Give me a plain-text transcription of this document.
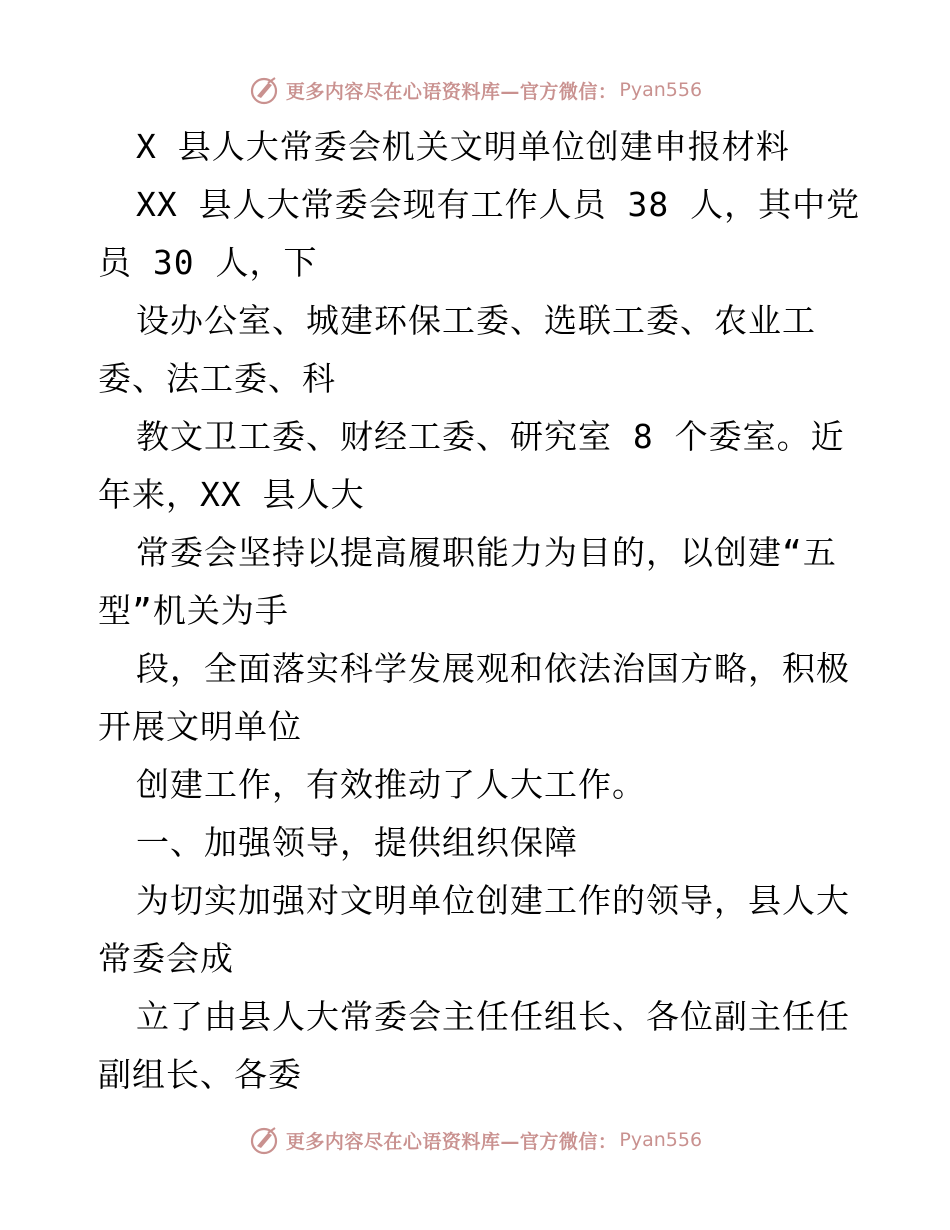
更多内容尽在心语资料库—官方微信： Pyan556
X 县人大常委会机关文明单位创建申报材料
XX 县人大常委会现有工作人员 38 人，其中党
员 30 人，下
设办公室、城建环保工委、选联工委、农业工
委、法工委、科
教文卫工委、财经工委、研究室 8 个委室。近
年来，XX 县人大
常委会坚持以提高履职能力为目的，以创建“五
型”机关为手
段，全面落实科学发展观和依法治国方略，积极
开展文明单位
创建工作，有效推动了人大工作。
一、加强领导，提供组织保障
为切实加强对文明单位创建工作的领导，县人大
常委会成
立了由县人大常委会主任任组长、各位副主任任
副组长、各委
更多内容尽在心语资料库—官方微信： Pyan556
